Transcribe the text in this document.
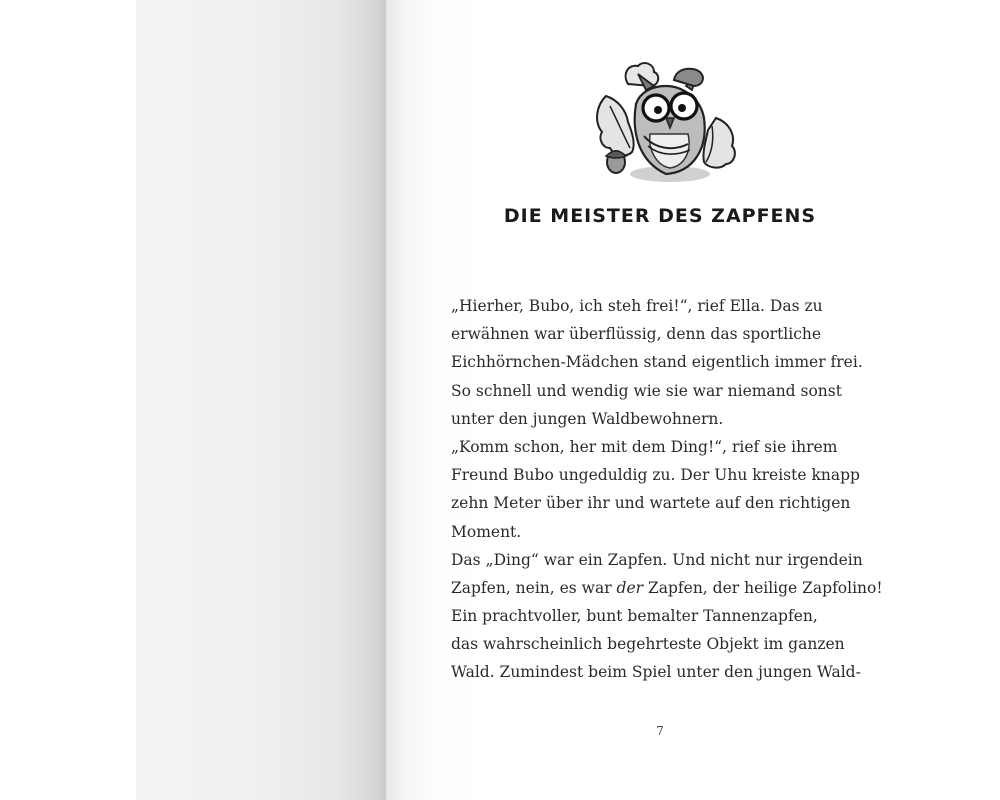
DIE MEISTER DES ZAPFENS
„Hierher, Bubo, ich steh frei!“, rief Ella. Das zu
erwähnen war überflüssig, denn das sportliche
Eichhörnchen-Mädchen stand eigentlich immer frei.
So schnell und wendig wie sie war niemand sonst
unter den jungen Waldbewohnern.
„Komm schon, her mit dem Ding!“, rief sie ihrem
Freund Bubo ungeduldig zu. Der Uhu kreiste knapp
zehn Meter über ihr und wartete auf den richtigen
Moment.
Das „Ding“ war ein Zapfen. Und nicht nur irgendein
Zapfen, nein, es war der Zapfen, der heilige Zapfolino!
Ein prachtvoller, bunt bemalter Tannenzapfen,
das wahrscheinlich begehrteste Objekt im ganzen
Wald. Zumindest beim Spiel unter den jungen Wald-
7
